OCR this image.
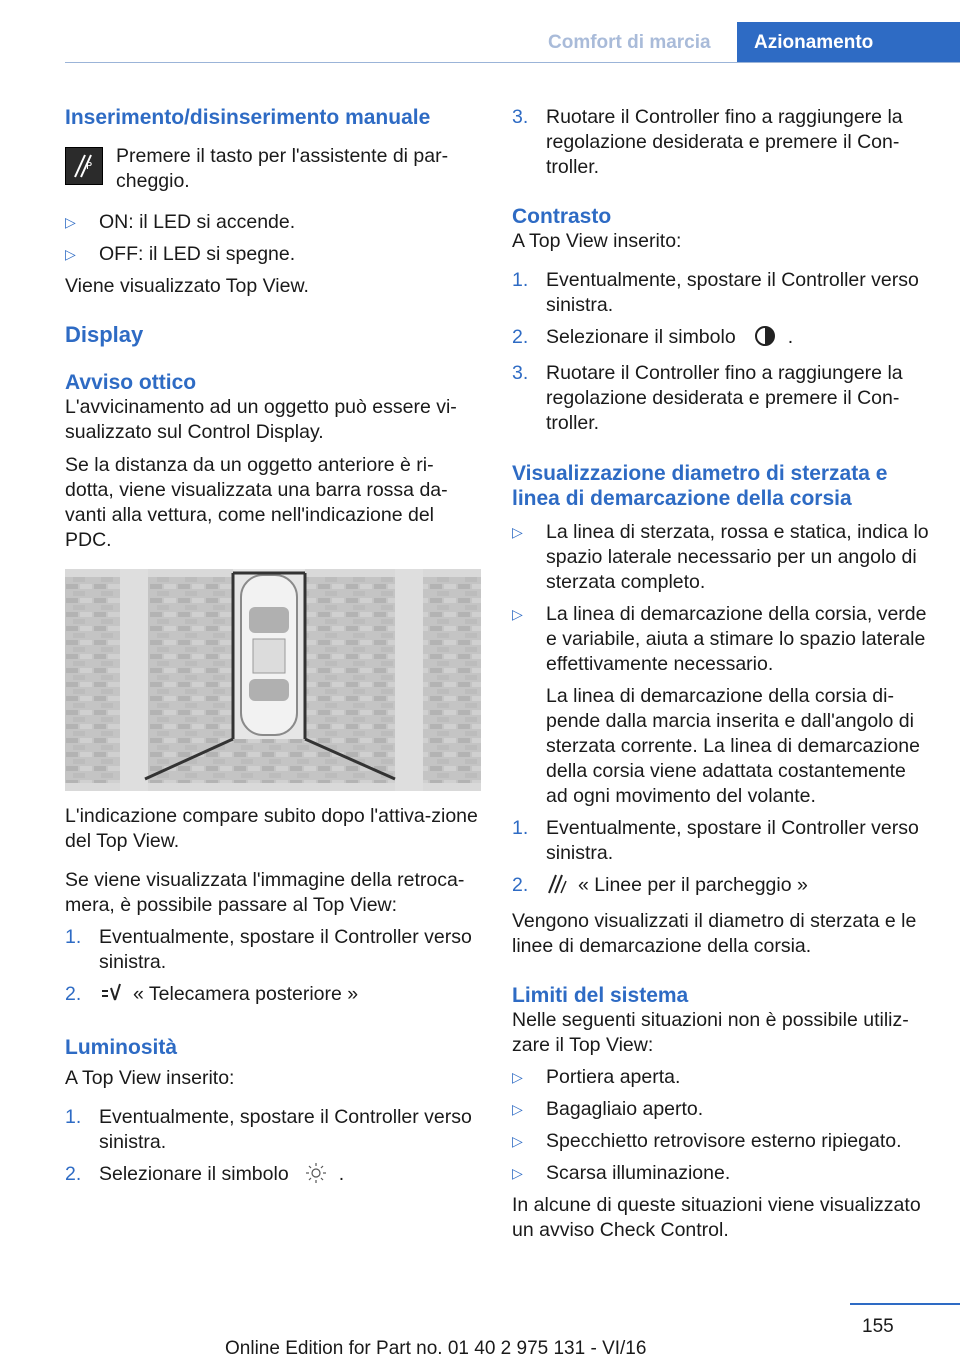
Comfort di marcia	Azionamento

Inserimento/disinserimento manuale

P Premere il tasto per l'assistente di par-cheggio.

▷	ON: il LED si accende.
▷	OFF: il LED si spegne.

Viene visualizzato Top View.

Display

Avviso ottico

L'avvicinamento ad un oggetto può essere vi-sualizzato sul Control Display.

Se la distanza da un oggetto anteriore è ri-dotta, viene visualizzata una barra rossa da-vanti alla vettura, come nell'indicazione del PDC.

L'indicazione compare subito dopo l'attiva-zione del Top View.

Se viene visualizzata l'immagine della retroca-mera, è possibile passare al Top View:

1. Eventualmente, spostare il Controller verso sinistra.
2.	« Telecamera posteriore »

Luminosità

A Top View inserito:

1. Eventualmente, spostare il Controller verso sinistra.
2. Selezionare il simbolo	.
3. Ruotare il Controller fino a raggiungere la regolazione desiderata e premere il Con-troller.

Contrasto

A Top View inserito:

1. Eventualmente, spostare il Controller verso sinistra.
2. Selezionare il simbolo	.
3. Ruotare il Controller fino a raggiungere la regolazione desiderata e premere il Con-troller.

Visualizzazione diametro di sterzata e linea di demarcazione della corsia

▷	La linea di sterzata, rossa e statica, indica lo spazio laterale necessario per un angolo di sterzata completo.
▷	La linea di demarcazione della corsia, verde e variabile, aiuta a stimare lo spazio laterale effettivamente necessario.

La linea di demarcazione della corsia di-pende dalla marcia inserita e dall'angolo di sterzata corrente. La linea di demarcazione della corsia viene adattata costantemente ad ogni movimento del volante.

1. Eventualmente, spostare il Controller verso sinistra.
2.	« Linee per il parcheggio »

Vengono visualizzati il diametro di sterzata e le linee di demarcazione della corsia.

Limiti del sistema

Nelle seguenti situazioni non è possibile utiliz-zare il Top View:

▷	Portiera aperta.
▷	Bagagliaio aperto.
▷	Specchietto retrovisore esterno ripiegato.
▷	Scarsa illuminazione.

In alcune di queste situazioni viene visualizzato un avviso Check Control.

155
Online Edition for Part no. 01 40 2 975 131 - VI/16
